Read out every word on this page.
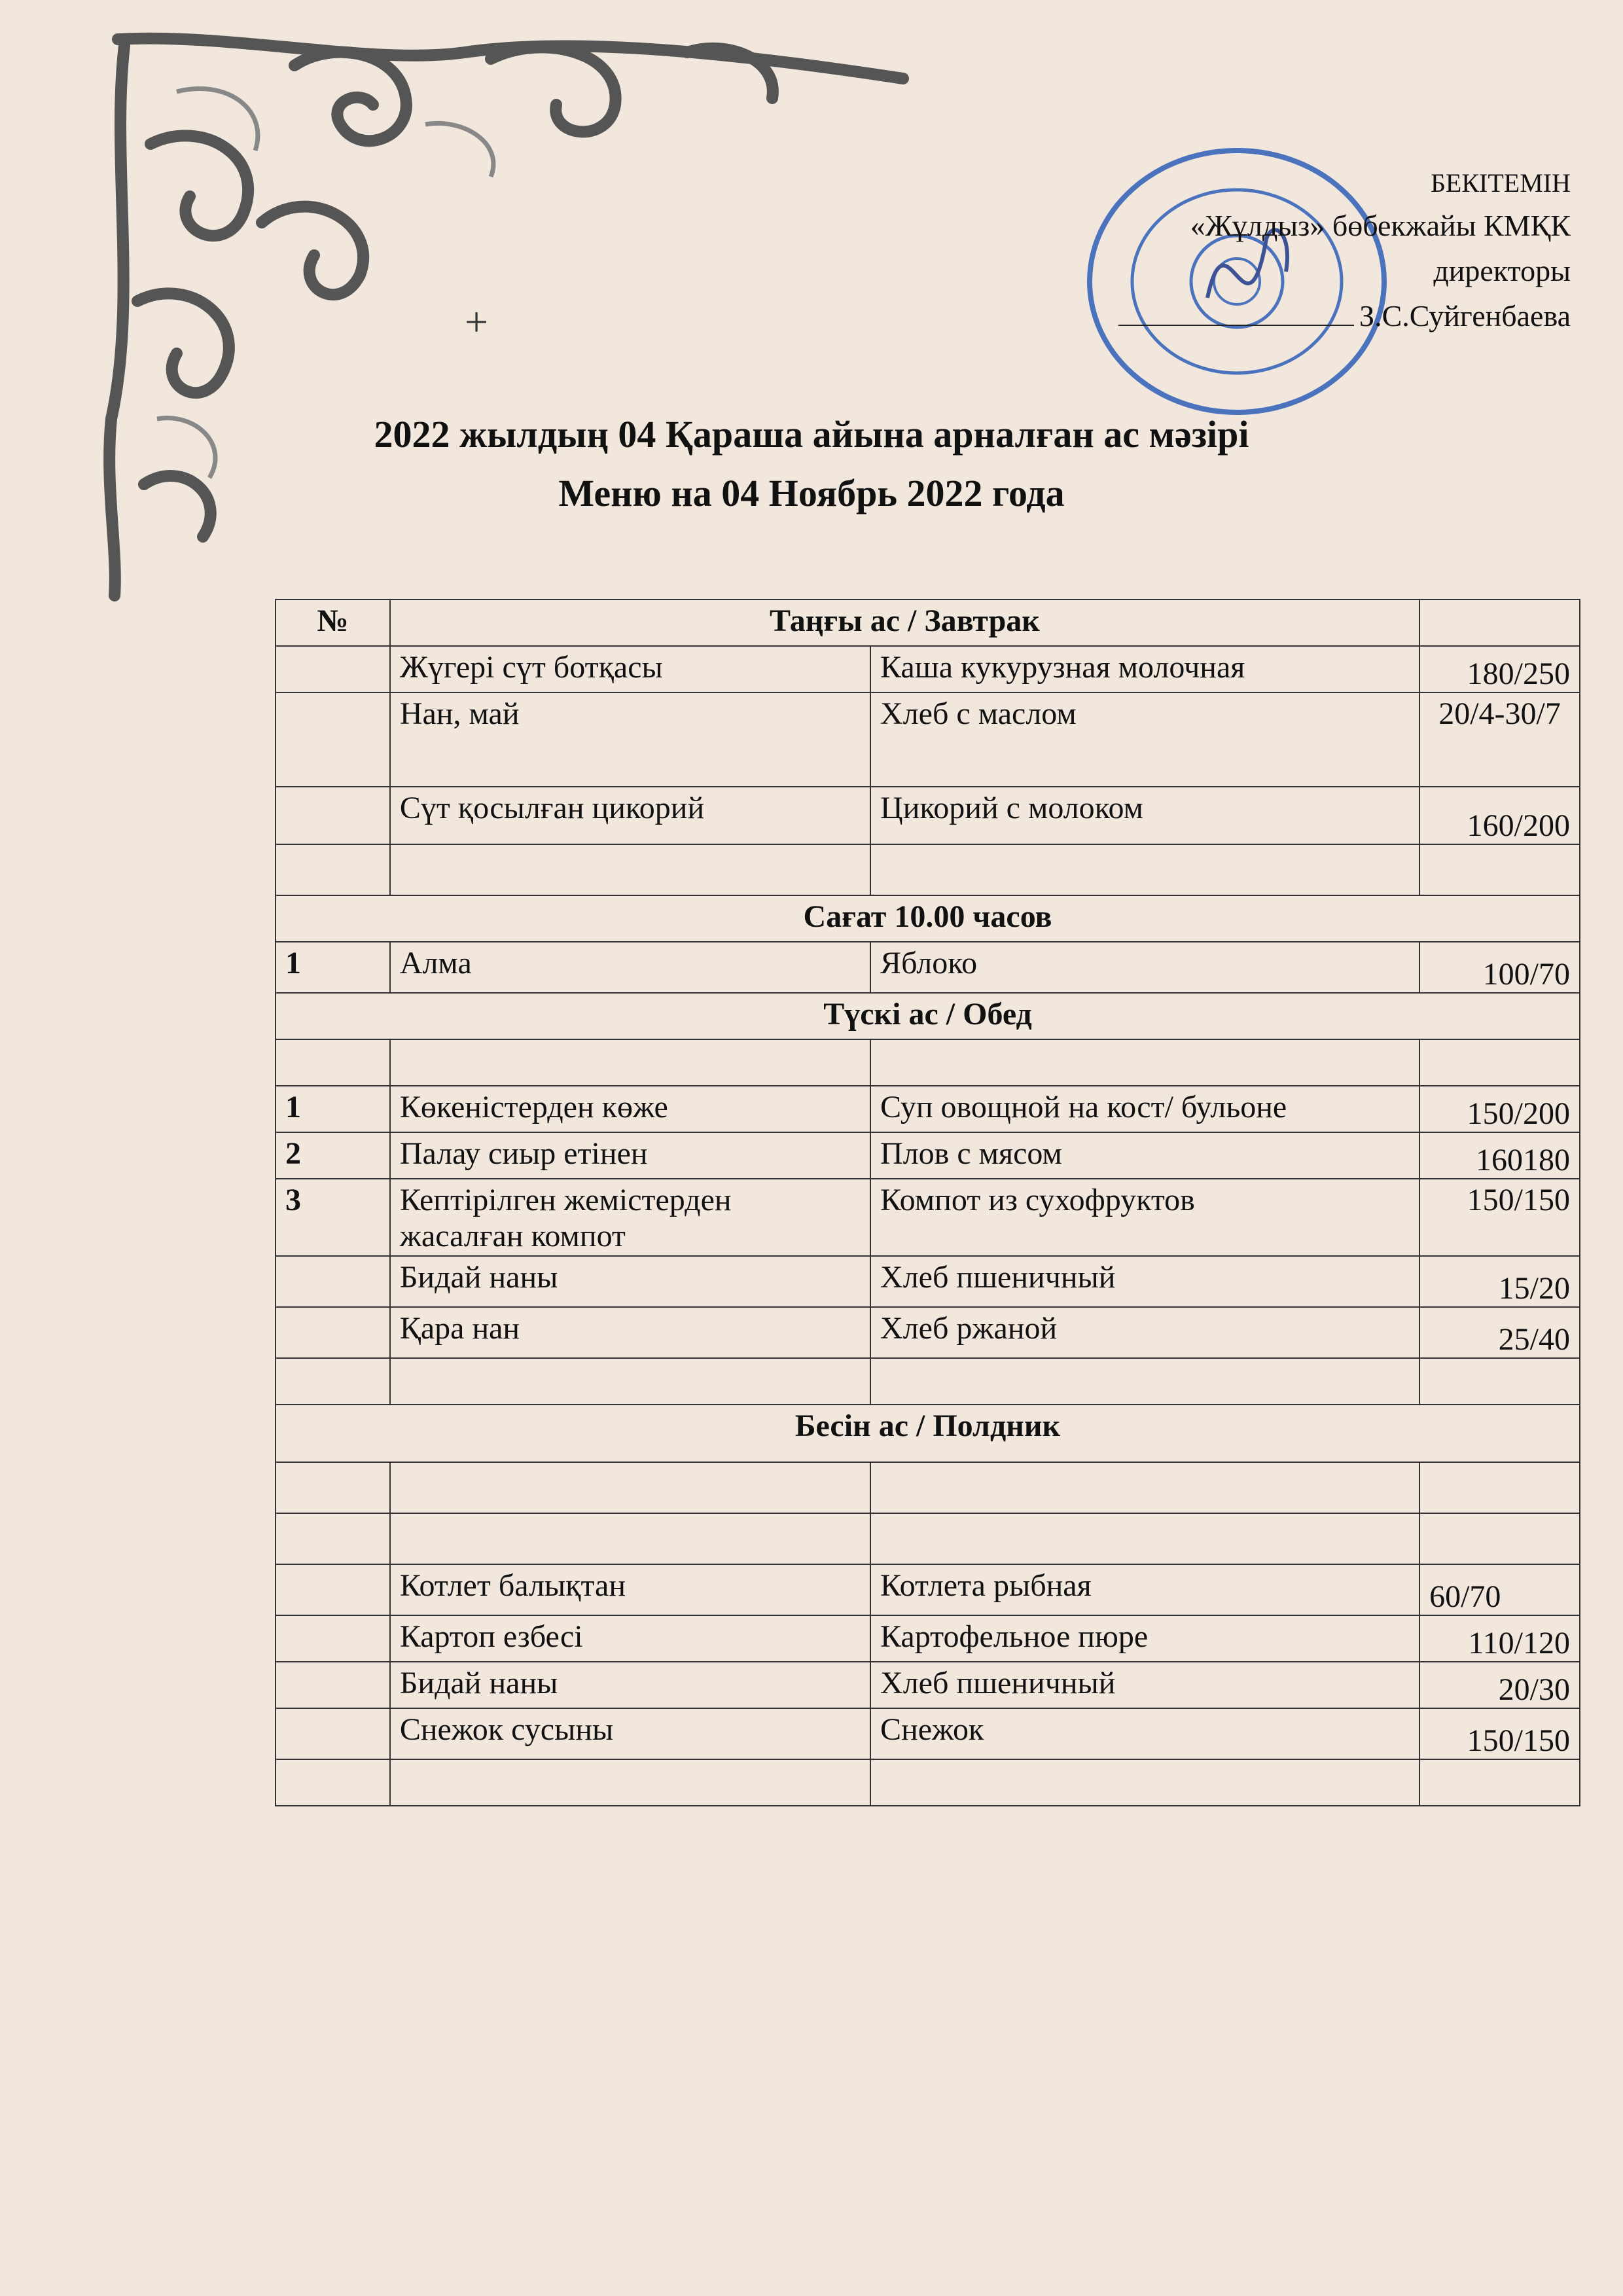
+
БЕКІТЕМІН
«Жұлдыз» бөбекжайы КМҚК
директоры
З.С.Суйгенбаева
2022 жылдың 04 Қараша айына арналған ас мәзірі
Меню на 04 Ноябрь 2022 года
№	Таңғы ас / Завтрак		
	Жүгері сүт ботқасы	Каша кукурузная молочная	180/250
	Нан, май	Хлеб с маслом	20/4-30/7
	Сүт қосылған цикорий	Цикорий с молоком	160/200

Сағат 10.00 часов			
1	Алма	Яблоко	100/70
Түскі ас / Обед			

1	Көкеністерден көже	Суп овощной на кост/ бульоне	150/200
2	Палау сиыр етінен	Плов с мясом	160180
3	Кептірілген жемістерден жасалған компот	Компот из сухофруктов	150/150
	Бидай наны	Хлеб пшеничный	15/20
	Қара нан	Хлеб ржаной	25/40

Бесін ас / Полдник			

	Котлет балықтан	Котлета рыбная	60/70
	Картоп езбесі	Картофельное пюре	110/120
	Бидай наны	Хлеб пшеничный	20/30
	Снежок сусыны	Снежок	150/150
